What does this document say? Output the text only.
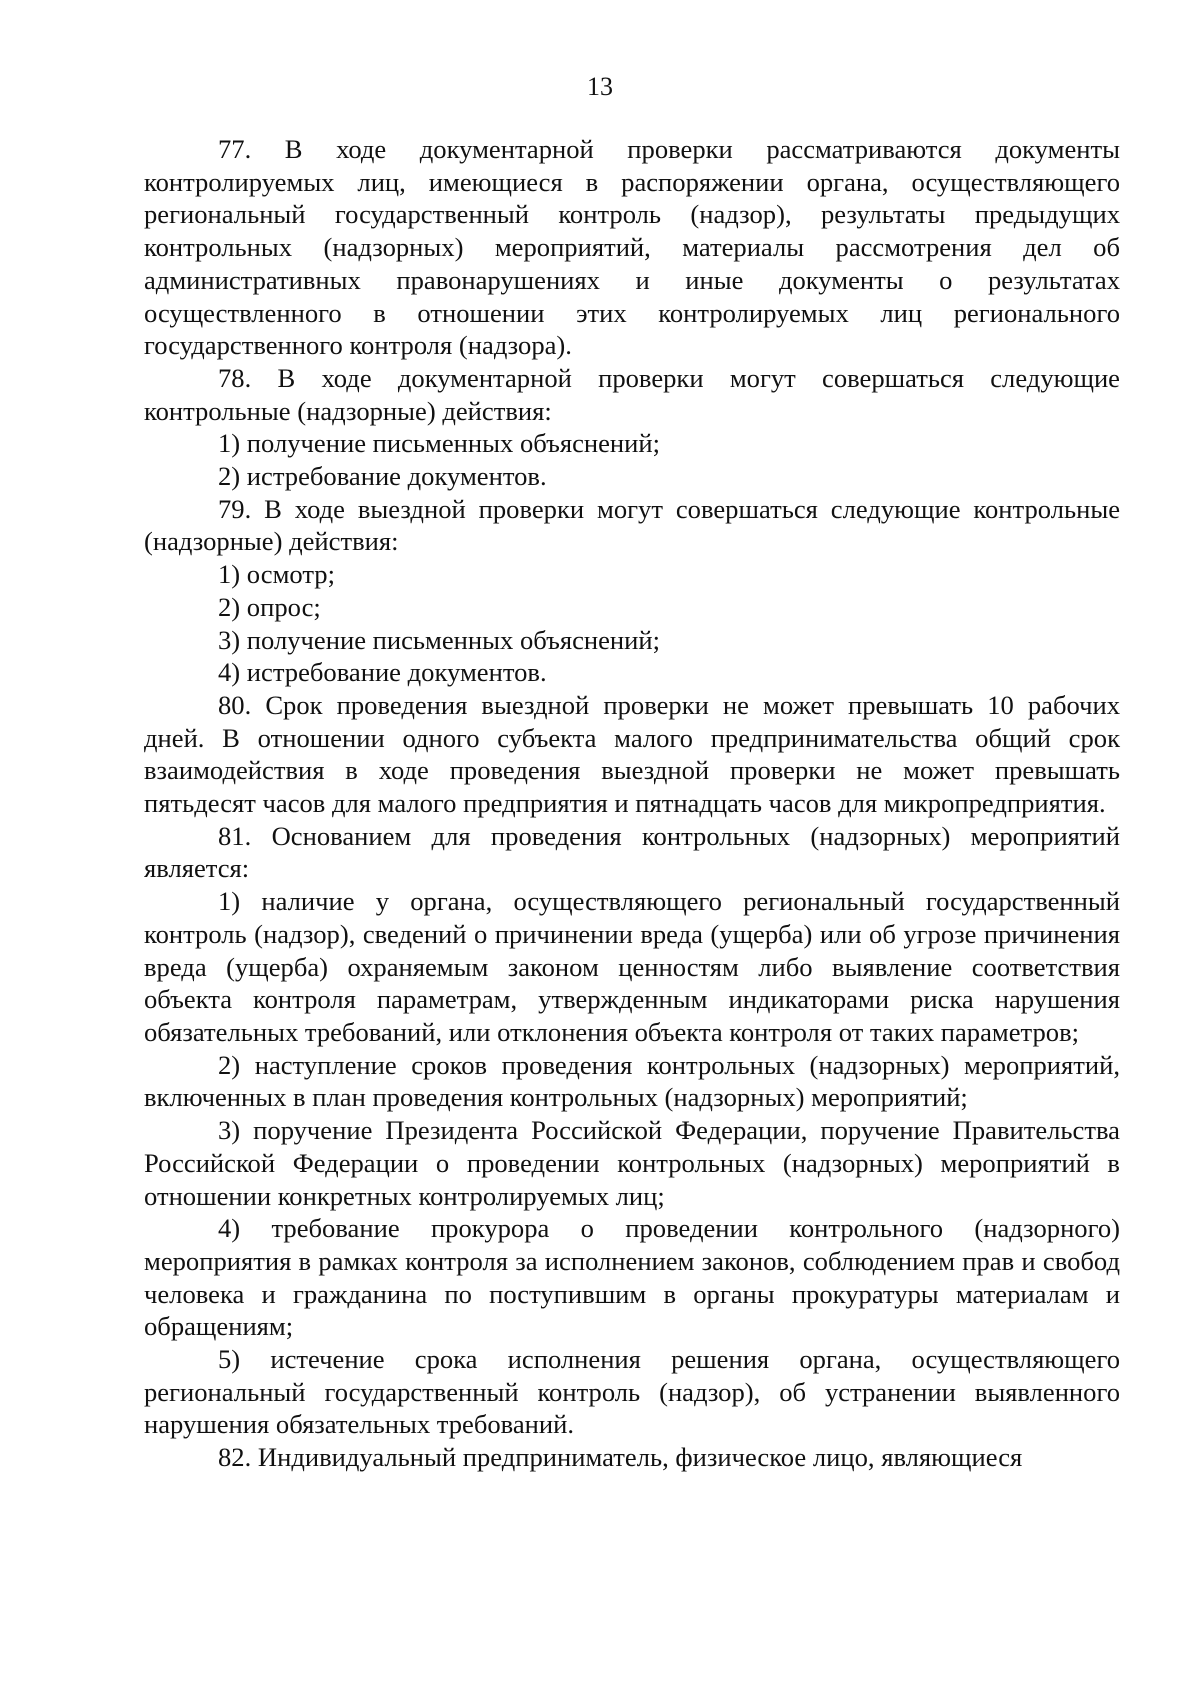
13

77. В ходе документарной проверки рассматриваются документы контролируемых лиц, имеющиеся в распоряжении органа, осуществляющего региональный государственный контроль (надзор), результаты предыдущих контрольных (надзорных) мероприятий, материалы рассмотрения дел об административных правонарушениях и иные документы о результатах осуществленного в отношении этих контролируемых лиц регионального государственного контроля (надзора).

78. В ходе документарной проверки могут совершаться следующие контрольные (надзорные) действия:

1) получение письменных объяснений;

2) истребование документов.

79. В ходе выездной проверки могут совершаться следующие контрольные (надзорные) действия:

1) осмотр;

2) опрос;

3) получение письменных объяснений;

4) истребование документов.

80. Срок проведения выездной проверки не может превышать 10 рабочих дней. В отношении одного субъекта малого предпринимательства общий срок взаимодействия в ходе проведения выездной проверки не может превышать пятьдесят часов для малого предприятия и пятнадцать часов для микропредприятия.

81. Основанием для проведения контрольных (надзорных) мероприятий является:

1) наличие у органа, осуществляющего региональный государственный контроль (надзор), сведений о причинении вреда (ущерба) или об угрозе причинения вреда (ущерба) охраняемым законом ценностям либо выявление соответствия объекта контроля параметрам, утвержденным индикаторами риска нарушения обязательных требований, или отклонения объекта контроля от таких параметров;

2) наступление сроков проведения контрольных (надзорных) мероприятий, включенных в план проведения контрольных (надзорных) мероприятий;

3) поручение Президента Российской Федерации, поручение Правительства Российской Федерации о проведении контрольных (надзорных) мероприятий в отношении конкретных контролируемых лиц;

4) требование прокурора о проведении контрольного (надзорного) мероприятия в рамках контроля за исполнением законов, соблюдением прав и свобод человека и гражданина по поступившим в органы прокуратуры материалам и обращениям;

5) истечение срока исполнения решения органа, осуществляющего региональный государственный контроль (надзор), об устранении выявленного нарушения обязательных требований.

82. Индивидуальный предприниматель, физическое лицо, являющиеся
